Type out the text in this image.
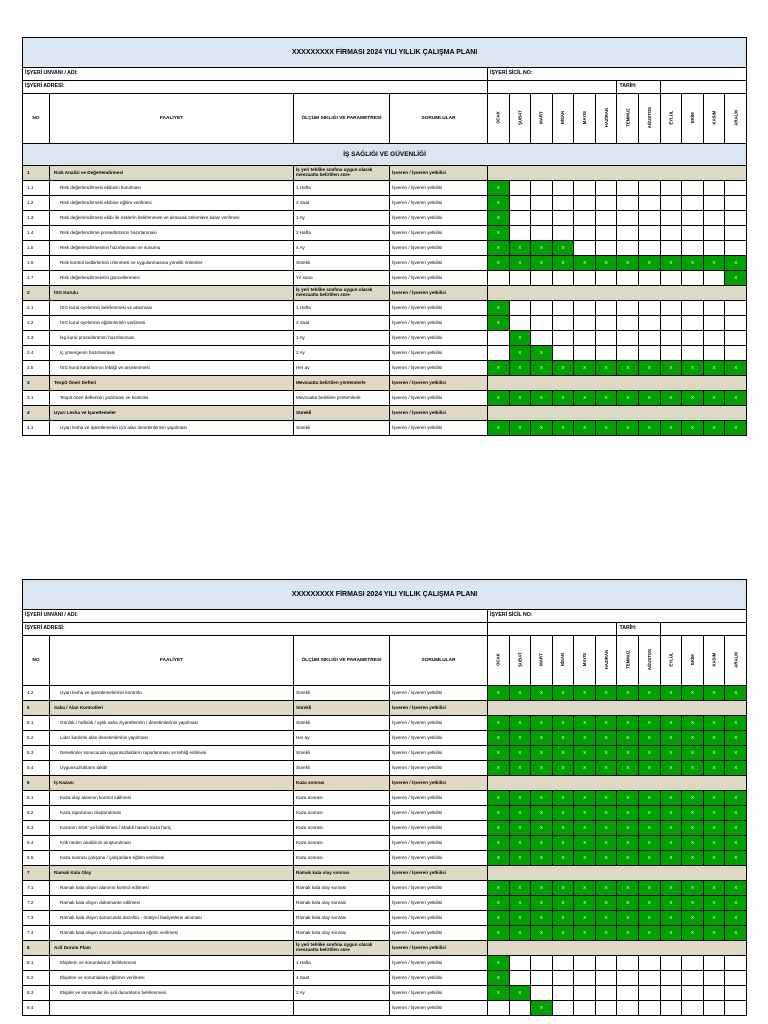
XXXXXXXXX FİRMASI 2024 YILI YILLIK ÇALIŞMA PLANI															
İŞYERİ UNVANI / ADI:				İŞYERİ SİCİL NO:											
İŞYERİ ADRESİ:										TARİH:					
NO	FAALİYET	ÖLÇÜM SIKLIĞI VE PARAMETRESİ	SORUMLULAR	OCAK	ŞUBAT	MART	NİSAN	MAYIS	HAZİRAN	TEMMUZ	AĞUSTOS	EYLÜL	EKİM	KASIM	ARALIK
İŞ SAĞLIĞI VE GÜVENLİĞİ															
1	Risk Analizi ve Değerlendirmesi	İş yeri tehlike sınıfına uygun olarak mevzuatta belirtilen süre	İşveren / İşveren yetkilisi												
1.1	Risk değerlendirmesi ekibinin kurulması	1 Hafta	İşveren / İşveren yetkilisi	X											
1.2	Risk değerlendirmesi ekibine eğitim verilmesi	2 Saat	İşveren / İşveren yetkilisi	X											
1.3	Risk değerlendirmesi ekibi ile risklerin belirlenmesi ve alınacak önlemlere karar verilmesi	1 Ay	İşveren / İşveren yetkilisi	X											
1.4	Risk değerlendirme prosedürünün hazırlanması	2 Hafta	İşveren / İşveren yetkilisi	X											
1.5	Risk değerlendirmesinin hazırlanması ve sunumu	4 Ay	İşveren / İşveren yetkilisi	X	X	X	X								
1.6	Risk kontrol tedbirlerinin izlenmesi ve uygulanmasına yönelik önlemler	Sürekli	İşveren / İşveren yetkilisi	X	X	X	X	X	X	X	X	X	X	X	X
1.7	Risk değerlendirmesinin güncellenmesi	Yıl sonu	İşveren / İşveren yetkilisi												X
2	İSG Kurulu	İş yeri tehlike sınıfına uygun olarak mevzuatta belirtilen süre	İşveren / İşveren yetkilisi												
2.1	İSG kurul üyelerinin belirlenmesi ve atanması	1 Hafta	İşveren / İşveren yetkilisi	X											
2.2	İSG kurul üyelerinin eğitimlerinin verilmesi	2 Saat	İşveren / İşveren yetkilisi	X											
2.3	İsg kurul prosedürünün hazırlanması	1 Ay	İşveren / İşveren yetkilisi		X										
2.4	İç yönergenin hazırlanması	2 Ay	İşveren / İşveren yetkilisi		X	X									
2.5	İSG kurul kararlarının tebliği ve arşivlenmesi	Her ay	İşveren / İşveren yetkilisi	X	X	X	X	X	X	X	X	X	X	X	X
3	Tespit Öneri Defteri	Mevzuatta belirtilen yöntemlerle	İşveren / İşveren yetkilisi												
3.1	Tespit öneri defterinin yazılması ve kontrolü	Mevzuatta belirtilen yöntemlerle	İşveren / İşveren yetkilisi	X	X	X	X	X	X	X	X	X	X	X	X
4	Uyarı Levha ve İşaretlemeler	Sürekli	İşveren / İşveren yetkilisi												
4.1	Uyarı levha ve işaretlemeleri için alan denetimlerinin yapılması	Sürekli	İşveren / İşveren yetkilisi	X	X	X	X	X	X	X	X	X	X	X	X
XXXXXXXXX FİRMASI 2024 YILI YILLIK ÇALIŞMA PLANI															
İŞYERİ UNVANI / ADI:				İŞYERİ SİCİL NO:											
İŞYERİ ADRESİ:										TARİH:					
NO	FAALİYET	ÖLÇÜM SIKLIĞI VE PARAMETRESİ	SORUMLULAR	OCAK	ŞUBAT	MART	NİSAN	MAYIS	HAZİRAN	TEMMUZ	AĞUSTOS	EYLÜL	EKİM	KASIM	ARALIK
4.2	Uyarı levha ve işaretlemelerinin kontrolü	Sürekli	İşveren / İşveren yetkilisi	X	X	X	X	X	X	X	X	X	X	X	X
5	Saha / Alan Kontrolleri	Sürekli	İşveren / İşveren yetkilisi												
5.1	Günlük / haftalık / aylık saha ziyaretlerinin / denetimlerinin yapılması	Sürekli	İşveren / İşveren yetkilisi	X	X	X	X	X	X	X	X	X	X	X	X
5.2	Lider katılımlı alan denetimlerinin yapılması	Her ay	İşveren / İşveren yetkilisi	X	X	X	X	X	X	X	X	X	X	X	X
5.3	Denetimler sonucunda uygunsuzlukların raporlanması ve tebliğ edilmesi	Sürekli	İşveren / İşveren yetkilisi	X	X	X	X	X	X	X	X	X	X	X	X
5.4	Uygunsuzlukların takibi	Sürekli	İşveren / İşveren yetkilisi	X	X	X	X	X	X	X	X	X	X	X	X
6	İş Kazası	Kaza sonrası	İşveren / İşveren yetkilisi												
6.1	Kaza olay alanının kontrol edilmesi	Kaza sonrası	İşveren / İşveren yetkilisi	X	X	X	X	X	X	X	X	X	X	X	X
6.2	Kaza raporunun oluşturulması	Kaza sonrası	İşveren / İşveren yetkilisi	X	X	X	X	X	X	X	X	X	X	X	X
6.3	Kazanın SGK' ya bildirilmesi / Maddi hasarlı kaza hariç	Kaza sonrası	İşveren / İşveren yetkilisi	X	X	X	X	X	X	X	X	X	X	X	X
6.4	Kök neden analizinin oluşturulması	Kaza sonrası	İşveren / İşveren yetkilisi	X	X	X	X	X	X	X	X	X	X	X	X
6.5	Kaza sonrası çalışana / çalışanlara eğitim verilmesi	Kaza sonrası	İşveren / İşveren yetkilisi	X	X	X	X	X	X	X	X	X	X	X	X
7	Ramak Kala Olay	Ramak kala olay sonrası	İşveren / İşveren yetkilisi												
7.1	Ramak kala olayın alanının kontrol edilmesi	Ramak kala olay sonrası	İşveren / İşveren yetkilisi	X	X	X	X	X	X	X	X	X	X	X	X
7.2	Ramak kala olayın dokümante edilmesi	Ramak kala olay sonrası	İşveren / İşveren yetkilisi	X	X	X	X	X	X	X	X	X	X	X	X
7.3	Ramak kala olayın sonucunda düzeltici - önleyici faaliyetlerin alınması	Ramak kala olay sonrası	İşveren / İşveren yetkilisi	X	X	X	X	X	X	X	X	X	X	X	X
7.4	Ramak kala olayın sonucunda çalışanlara eğitim verilmesi	Ramak kala olay sonrası	İşveren / İşveren yetkilisi	X	X	X	X	X	X	X	X	X	X	X	X
8	Acil Durum Planı	İş yeri tehlike sınıfına uygun olarak mevzuatta belirtilen süre	İşveren / İşveren yetkilisi												
8.1	Ekiplerin ve sorumluların belirlenmesi	1 Hafta	İşveren / İşveren yetkilisi	X											
8.2	Ekiplere ve sorumlulara eğitimin verilmesi	4 Saat	İşveren / İşveren yetkilisi	X											
8.3	Ekipler ve sorumlular ile acil durumların belirlenmesi	2 Ay	İşveren / İşveren yetkilisi	X	X										
8.4			İşveren / İşveren yetkilisi			X									
